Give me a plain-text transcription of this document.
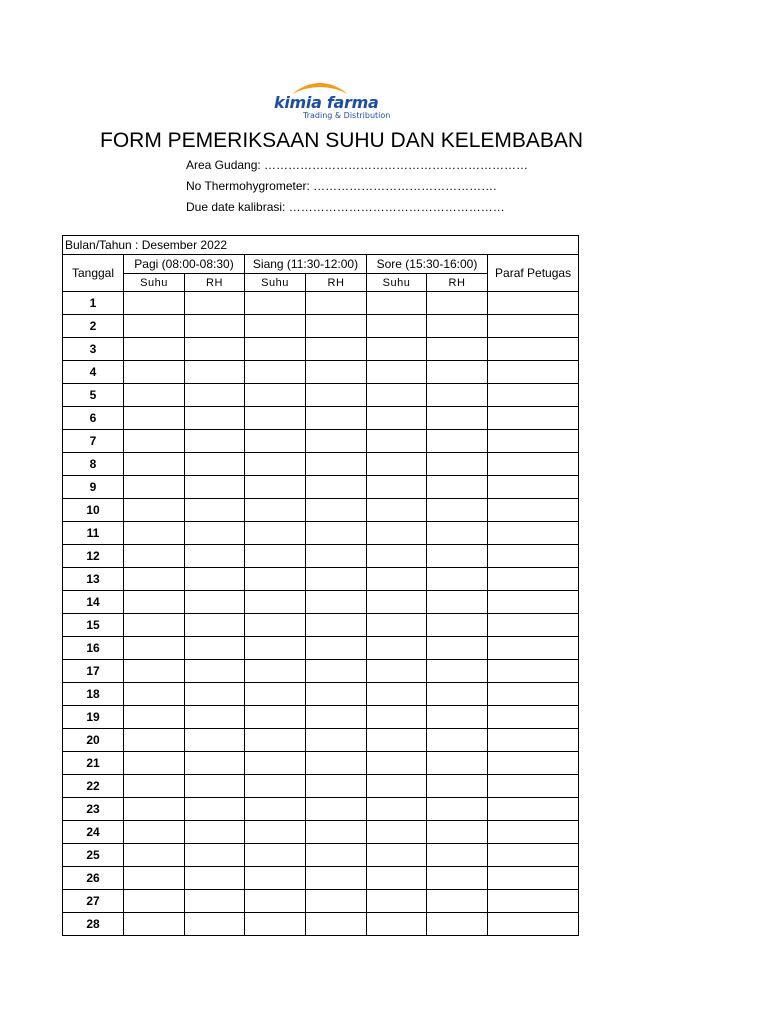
kimia farma
Trading & Distribution
FORM PEMERIKSAAN SUHU DAN KELEMBABAN
Area Gudang: …………………………………………………………
No Thermohygrometer: ……………………………………….
Due date kalibrasi: ………………………………………………
Bulan/Tahun : Desember 2022							
Tanggal	Pagi (08:00-08:30)		Siang (11:30-12:00)		Sore (15:30-16:00)		Paraf Petugas
	Suhu	RH	Suhu	RH	Suhu	RH	
1							
2							
3							
4							
5							
6							
7							
8							
9							
10							
11							
12							
13							
14							
15							
16							
17							
18							
19							
20							
21							
22							
23							
24							
25							
26							
27							
28							
